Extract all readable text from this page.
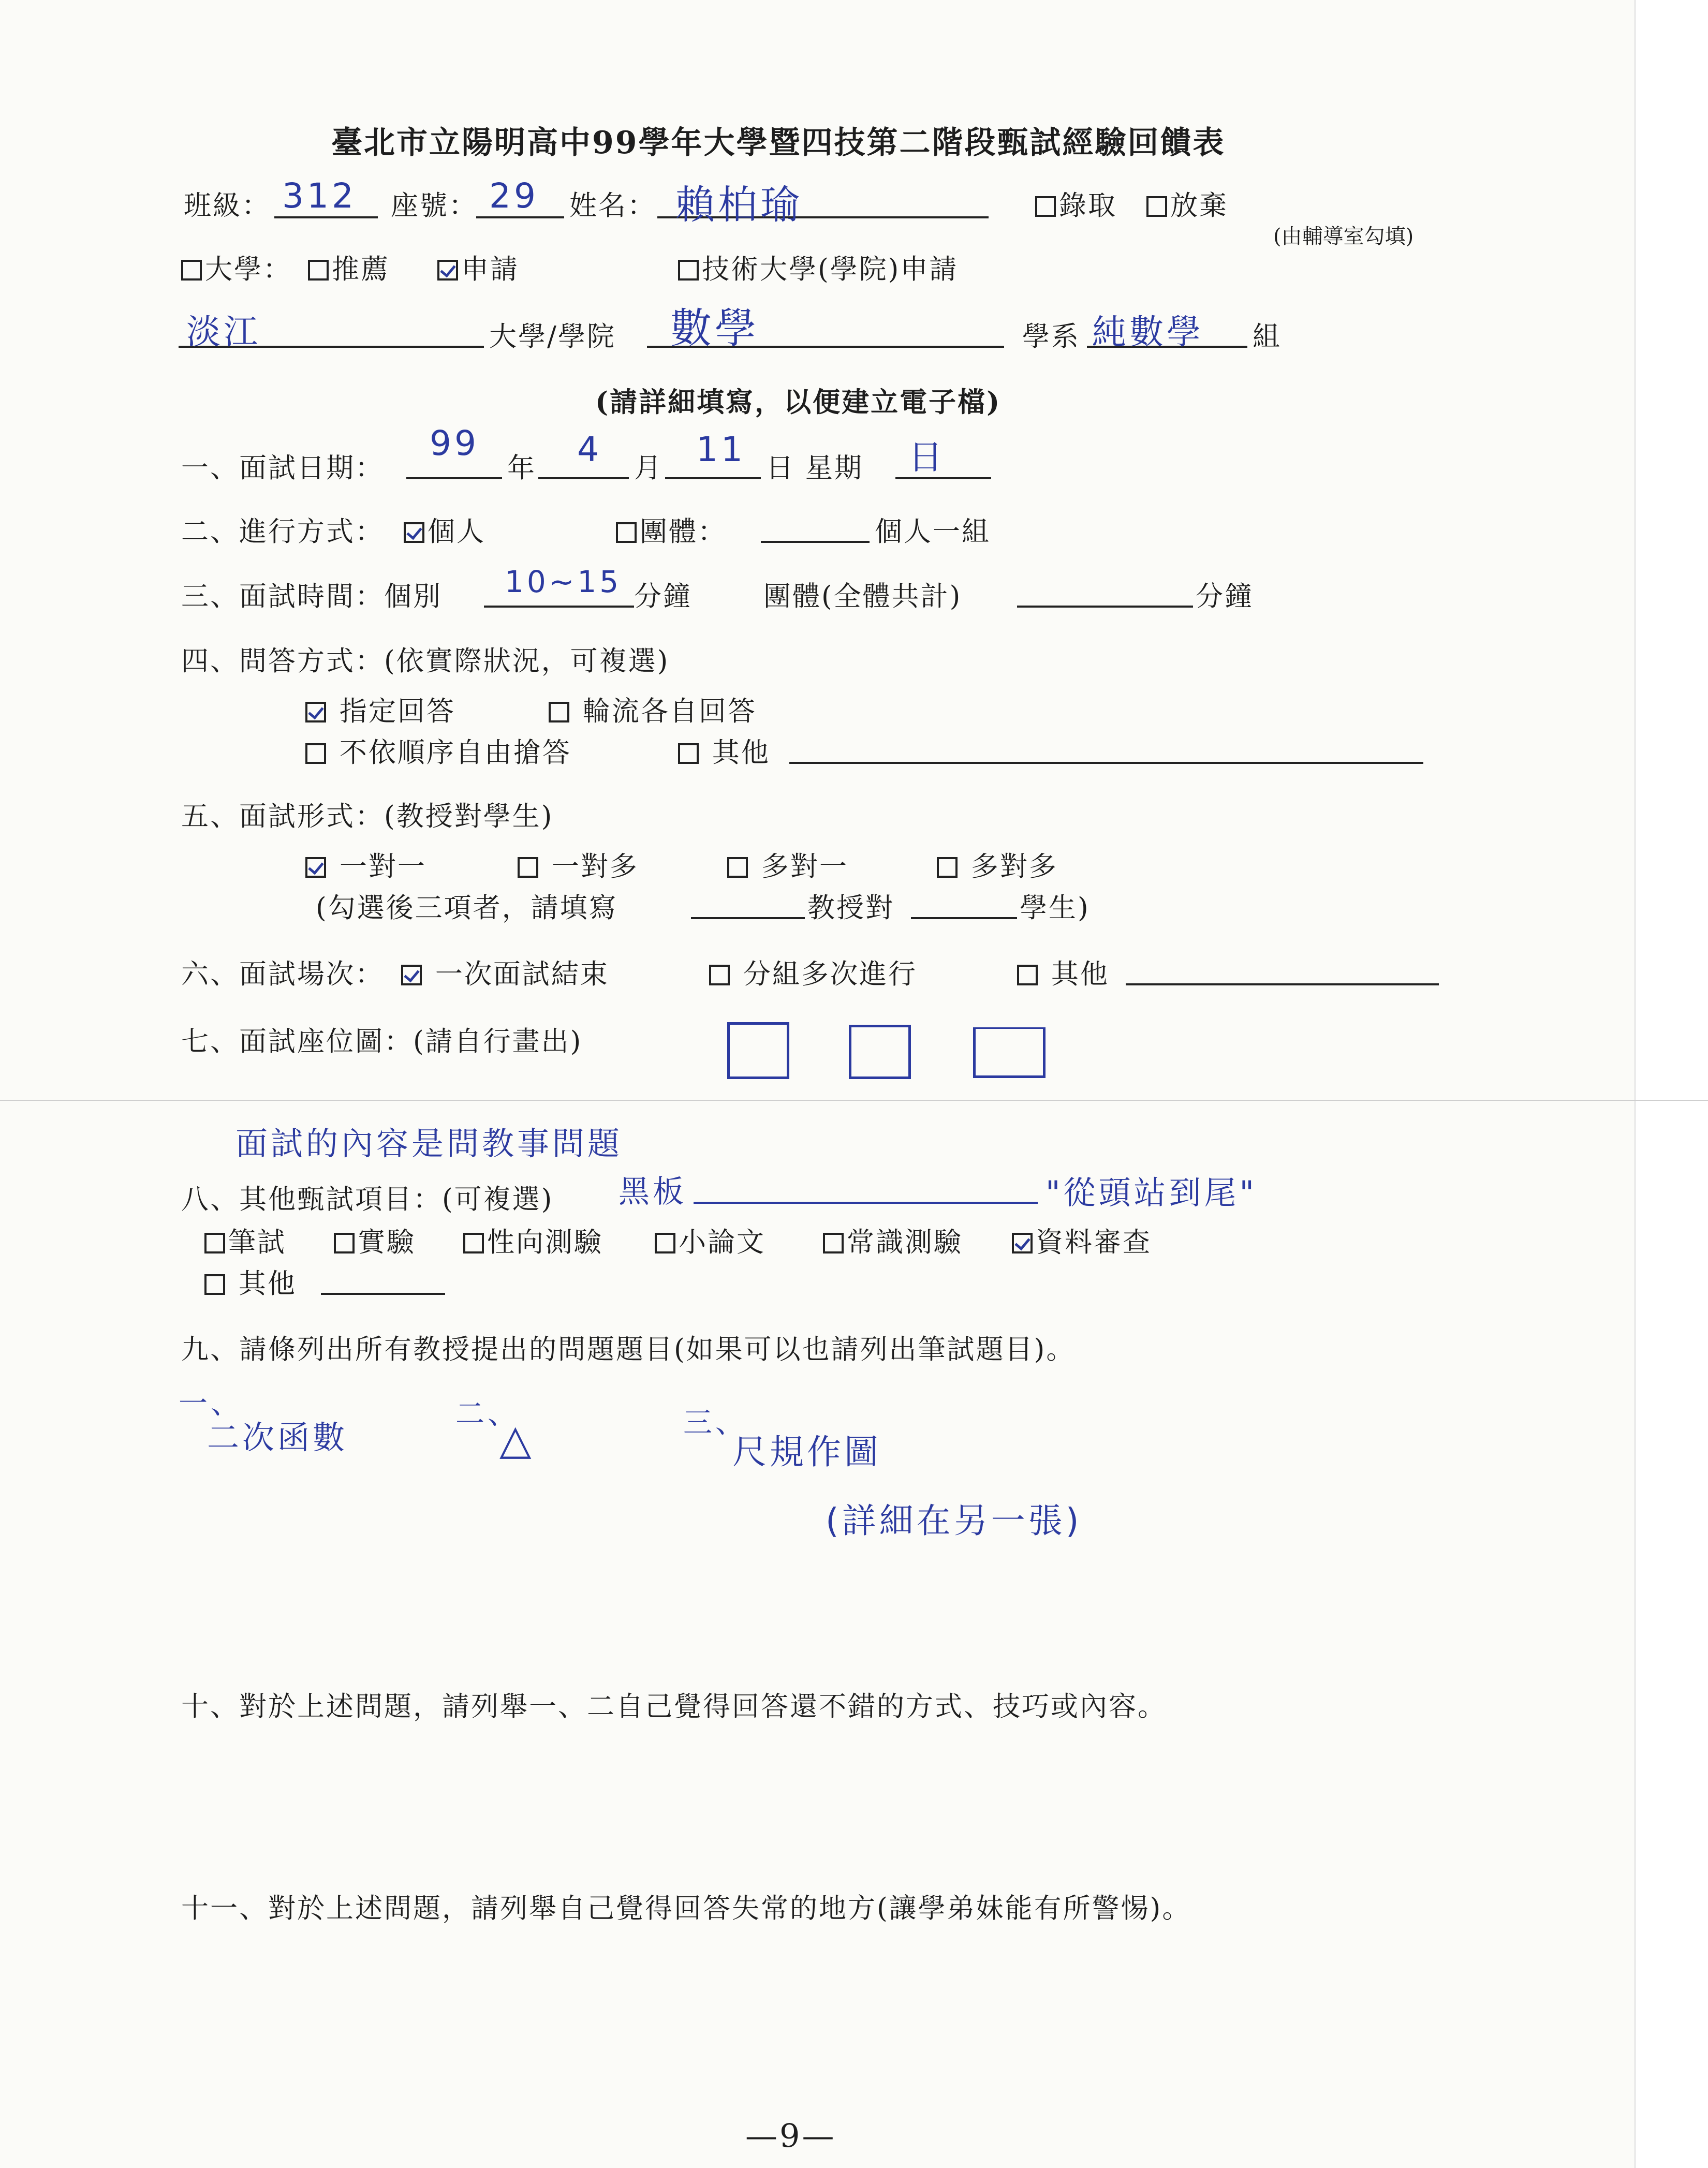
臺北市立陽明高中99學年大學暨四技第二階段甄試經驗回饋表
班級： 312 座號： 29 姓名： 賴柏瑜	錄取	放棄
(由輔導室勾填)
大學：	推薦	申請	技術大學(學院)申請
淡江	大學/學院 數學	學系 純數學 組
(請詳細填寫，以便建立電子檔)
一、面試日期：
99
年 4 月 11 日 星期 日
二、進行方式：	個人	團體：	個人一組
三、面試時間：個別 10~15 分鐘	團體(全體共計)	分鐘
四、問答方式：(依實際狀況，可複選)
指定回答	輪流各自回答
不依順序自由搶答	其他
五、面試形式：(教授對學生)
一對一	一對多	多對一	多對多
(勾選後三項者，請填寫	教授對	學生)
六、面試場次：	一次面試結束	分組多次進行	其他
七、面試座位圖：(請自行畫出)
面試的內容是問教事問題
八、其他甄試項目：(可複選) 黑板	"從頭站到尾"
筆試	實驗	性向測驗	小論文	常識測驗	資料審查
其他
九、請條列出所有教授提出的問題題目(如果可以也請列出筆試題目)。
一、
二次函數
二、
△	三、
尺規作圖
(詳細在另一張)
十、對於上述問題，請列舉一、二自己覺得回答還不錯的方式、技巧或內容。
十一、對於上述問題，請列舉自己覺得回答失常的地方(讓學弟妹能有所警惕)。
—9—
